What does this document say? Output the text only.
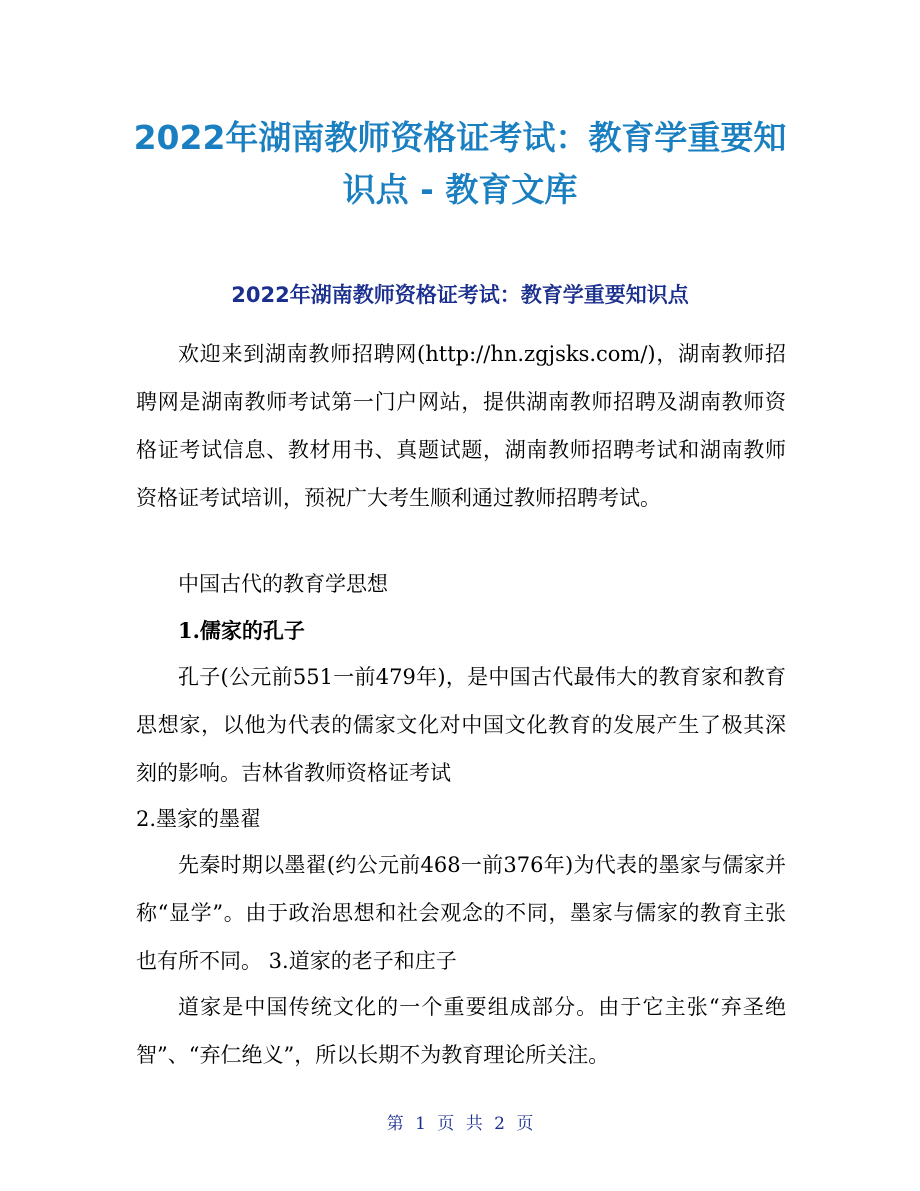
2022年湖南教师资格证考试：教育学重要知识点 - 教育文库
2022年湖南教师资格证考试：教育学重要知识点

欢迎来到湖南教师招聘网(http://hn.zgjsks.com/)，湖南教师招聘网是湖南教师考试第一门户网站，提供湖南教师招聘及湖南教师资格证考试信息、教材用书、真题试题，湖南教师招聘考试和湖南教师资格证考试培训，预祝广大考生顺利通过教师招聘考试。

中国古代的教育学思想

1.儒家的孔子

孔子(公元前551一前479年)，是中国古代最伟大的教育家和教育思想家，以他为代表的儒家文化对中国文化教育的发展产生了极其深刻的影响。吉林省教师资格证考试

2.墨家的墨翟

先秦时期以墨翟(约公元前468一前376年)为代表的墨家与儒家并称“显学”。由于政治思想和社会观念的不同，墨家与儒家的教育主张也有所不同。 3.道家的老子和庄子

道家是中国传统文化的一个重要组成部分。由于它主张“弃圣绝智”、“弃仁绝义”，所以长期不为教育理论所关注。

第 1 页 共 2 页
